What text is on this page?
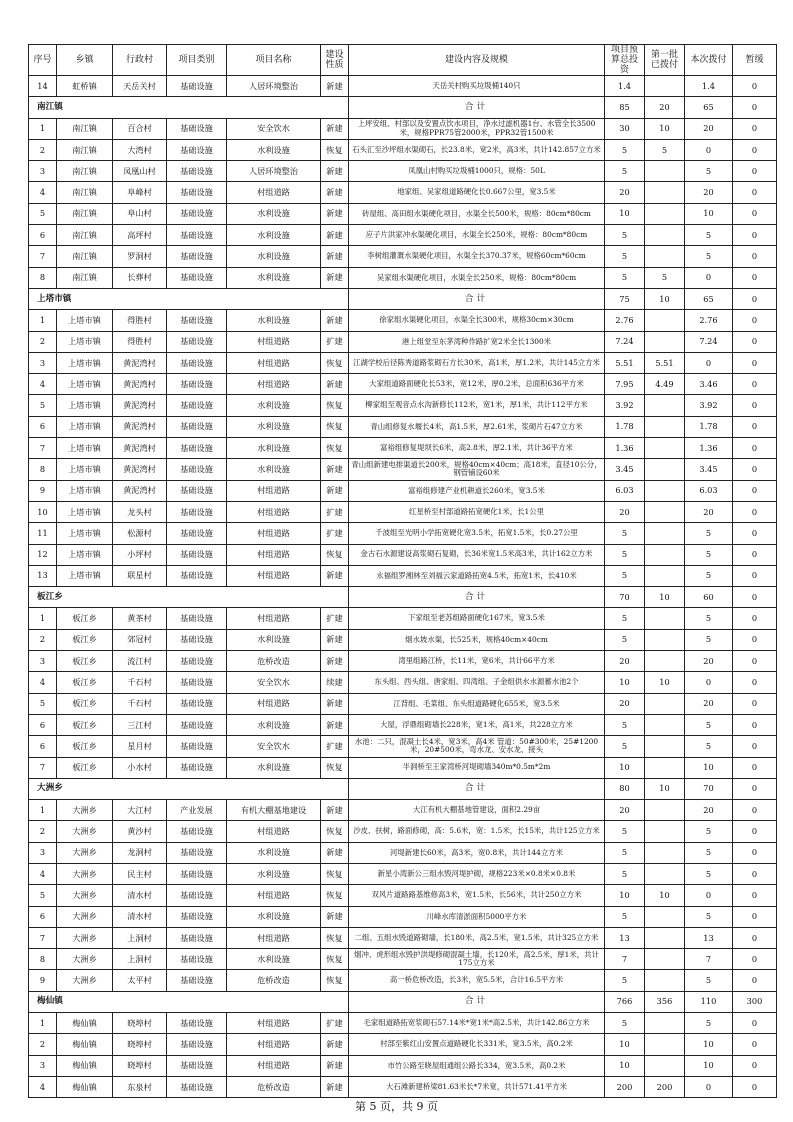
序号	乡镇	行政村	项目类别	项目名称	建设性质	建设内容及规模	项目预算总投资	第一批已拨付	本次拨付	暂缓
14	虹桥镇	天岳关村	基础设施	人居环境整治	新建	天岳关村购买垃圾桶140只	1.4		1.4	0
南江镇						合计	85	20	65	0
1	南江镇	百合村	基础设施	安全饮水	新建	上坪安组、村部以及安置点饮水项目，净水过滤机器1台、水管全长3500米，规格PPR75管2000米，PPR32管1500米	30	10	20	0
2	南江镇	大湾村	基础设施	水利设施	恢复	石头汇至沙坪组水渠砌石，长23.8米，宽2米，高3米，共计142.857立方米	5	5	0	0
3	南江镇	凤凰山村	基础设施	人居环境整治	新建	凤凰山村购买垃圾桶1000只，规格：50L	5		5	0
4	南江镇	阜峰村	基础设施	村组道路	新建	地家组、吴家组道路硬化长0.667公里，宽3.5米	20		20	0
5	南江镇	阜山村	基础设施	水利设施	新建	砖屋组、高田组水渠硬化项目，水渠全长500米，规格：80cm*80cm	10		10	0
6	南江镇	高坪村	基础设施	水利设施	新建	应子片洪家冲水渠硬化项目，水渠全长250米，规格：80cm*80cm	5		5	0
7	南江镇	罗洞村	基础设施	水利设施	新建	李树组灌溉水渠硬化项目，水渠全长370.37米，规格60cm*60cm	5		5	0
8	南江镇	长葬村	基础设施	水利设施	新建	吴家组水渠硬化项目，水渠全长250米，规格：80cm*80cm	5	5	0	0
上塔市镇						合计	75	10	65	0
1	上塔市镇	得胜村	基础设施	水利设施	新建	徐家组水渠硬化项目，水渠全长300米，规格30cm×30cm	2.76		2.76	0
2	上塔市镇	得胜村	基础设施	村组道路	扩建	港上组堂至东茅湾种作路扩宽2米全长1300米	7.24		7.24	0
3	上塔市镇	黄泥湾村	基础设施	村组道路	恢复	江湖学校后径陈秀道路浆砌石方长30米，高1米，厚1.2米，共计145立方米	5.51	5.51	0	0
4	上塔市镇	黄泥湾村	基础设施	村组道路	新建	大家组道路面硬化长53米，宽12米，厚0.2米，总面积636平方米	7.95	4.49	3.46	0
5	上塔市镇	黄泥湾村	基础设施	水利设施	恢复	柳家组至观音点水沟新修长112米，宽1米，厚1米，共计112平方米	3.92		3.92	0
6	上塔市镇	黄泥湾村	基础设施	水利设施	恢复	青山组修复水堰长4米，高1.5米，厚2.61米，浆砌片石47立方米	1.78		1.78	0
7	上塔市镇	黄泥湾村	基础设施	水利设施	恢复	富裕组修复堤坝长6米，高2.8米，厚2.1米，共计36平方米	1.36		1.36	0
8	上塔市镇	黄泥湾村	基础设施	水利设施	新建	青山组新建电排渠道长200米，规格40cm×40cm；高18米，直径10公分，钢管铺设60米	3.45		3.45	0
9	上塔市镇	黄泥湾村	基础设施	村组道路	新建	富裕组修建产业机耕道长260米，宽3.5米	6.03		6.03	0
10	上塔市镇	龙头村	基础设施	村组道路	扩建	红星桥至村部道路拓宽硬化1米，长1公里	20		20	0
11	上塔市镇	松源村	基础设施	村组道路	扩建	千波组至光明小学拓宽硬化宽3.5米，拓宽1.5米，长0.27公里	5		5	0
12	上塔市镇	小坪村	基础设施	村组道路	恢复	金古石水源建设高浆砌石复砌，长36米宽1.5米高3米，共计162立方米	5		5	0
13	上塔市镇	联星村	基础设施	村组道路	新建	永福组罗湘林至刘福云家道路拓宽4.5米，拓宽1米，长410米	5		5	0
板江乡						合计	70	10	60	0
1	板江乡	黄茶村	基础设施	村组道路	扩建	下家组至老苏组路面硬化167米，宽3.5米	5		5	0
2	板江乡	郊冠村	基础设施	水利设施	新建	烟水坡水渠，长525米，规格40cm×40cm	5		5	0
3	板江乡	流江村	基础设施	危桥改造	新建	湾里组路江桥，长11米，宽6米，共计66平方米	20		20	0
4	板江乡	千石村	基础设施	安全饮水	续建	东头组、西头组、唐家组、四湾组、子金组供水水源蓄水池2个	10	10	0	0
5	板江乡	千石村	基础设施	村组道路	新建	江背组、毛菜组、东头组道路硬化655米，宽3.5米	20		20	0
6	板江乡	三江村	基础设施	水利设施	新建	大屋，浮鼎组砌墙长228米，宽1米，高1米，共228立方米	5		5	0
6	板江乡	星月村	基础设施	安全饮水	扩建	水池：二只，混凝土长4米，宽3米，高4米 管道：50#300米，25#1200米，20#500米，弯水龙、安水龙、接头	5		5	0
7	板江乡	小水村	基础设施	水利设施	恢复	半洞桥至王家湾桥河堤砌墙340m*0.5m*2m	10		10	0
大洲乡						合计	80	10	70	0
1	大洲乡	大江村	产业发展	有机大棚基地建设	新建	大江有机大棚基地管建设，面积2.29亩	20		20	0
2	大洲乡	黄沙村	基础设施	村组道路	恢复	沙皮、扶树，路面修砌，高：5.6米，宽：1.5米，长15米，共计125立方米	5		5	0
3	大洲乡	龙洞村	基础设施	水利设施	新建	河堤新建长60米，高3米，宽0.8米，共计144立方米	5		5	0
4	大洲乡	民主村	基础设施	水利设施	恢复	新星小湾新公三组水毁河堤护砌，规格223米×0.8米×0.8米	5		5	0
5	大洲乡	清水村	基础设施	村组道路	恢复	双风片道路路基维修高3米，宽1.5米，长56米，共计250立方米	10	10	0	0
6	大洲乡	清水村	基础设施	水利设施	新建	川峰水库清淤面积5000平方米	5		5	0
7	大洲乡	上洞村	基础设施	村组道路	恢复	二组、五组水毁道路砌墙，长180米，高2.5米，宽1.5米，共计325立方米	13		13	0
8	大洲乡	上洞村	基础设施	水利设施	恢复	烟冲、虎形组水毁护洪堤修砌混凝土墙，长120米，高2.5米，厚1米，共计175立方米	7		7	0
9	大洲乡	太平村	基础设施	危桥改造	恢复	高一桥危桥改造，长3米，宽5.5米，合计16.5平方米	5		5	0
梅仙镇						合计	766	356	110	300
1	梅仙镇	晓埠村	基础设施	村组道路	扩建	毛家组道路拓宽浆砌石57.14米*宽1米*高2.5米，共计142.86立方米	5		5	0
2	梅仙镇	晓埠村	基础设施	村组道路	新建	村部至紫红山安置点道路硬化长331米，宽3.5米，高0.2米	10		10	0
3	梅仙镇	晓埠村	基础设施	村组道路	新建	市竹公路至晓屋组通组公路长334，宽3.5米，高0.2米	10		10	0
4	梅仙镇	东泉村	基础设施	危桥改造	新建	大石滩新建桥梁81.63米长*7米宽，共计571.41平方米	200	200	0	0
第 5 页，共 9 页
